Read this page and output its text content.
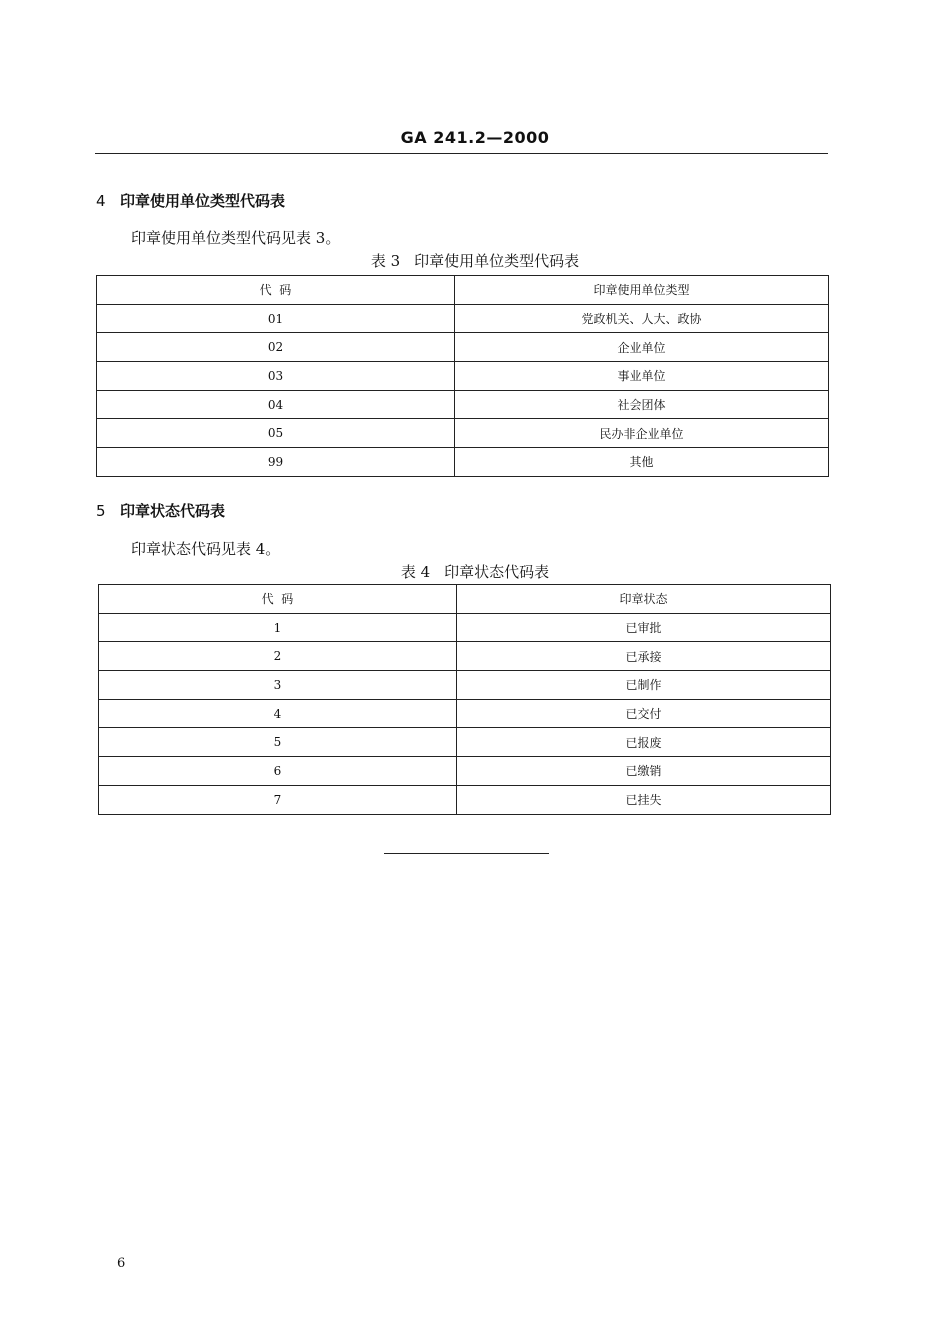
GA 241.2—2000
4 印章使用单位类型代码表
印章使用单位类型代码见表 3。
表 3 印章使用单位类型代码表
代  码	印章使用单位类型
01	党政机关、人大、政协
02	企业单位
03	事业单位
04	社会团体
05	民办非企业单位
99	其他
5 印章状态代码表
印章状态代码见表 4。
表 4 印章状态代码表
代  码	印章状态
1	已审批
2	已承接
3	已制作
4	已交付
5	已报废
6	已缴销
7	已挂失
6
